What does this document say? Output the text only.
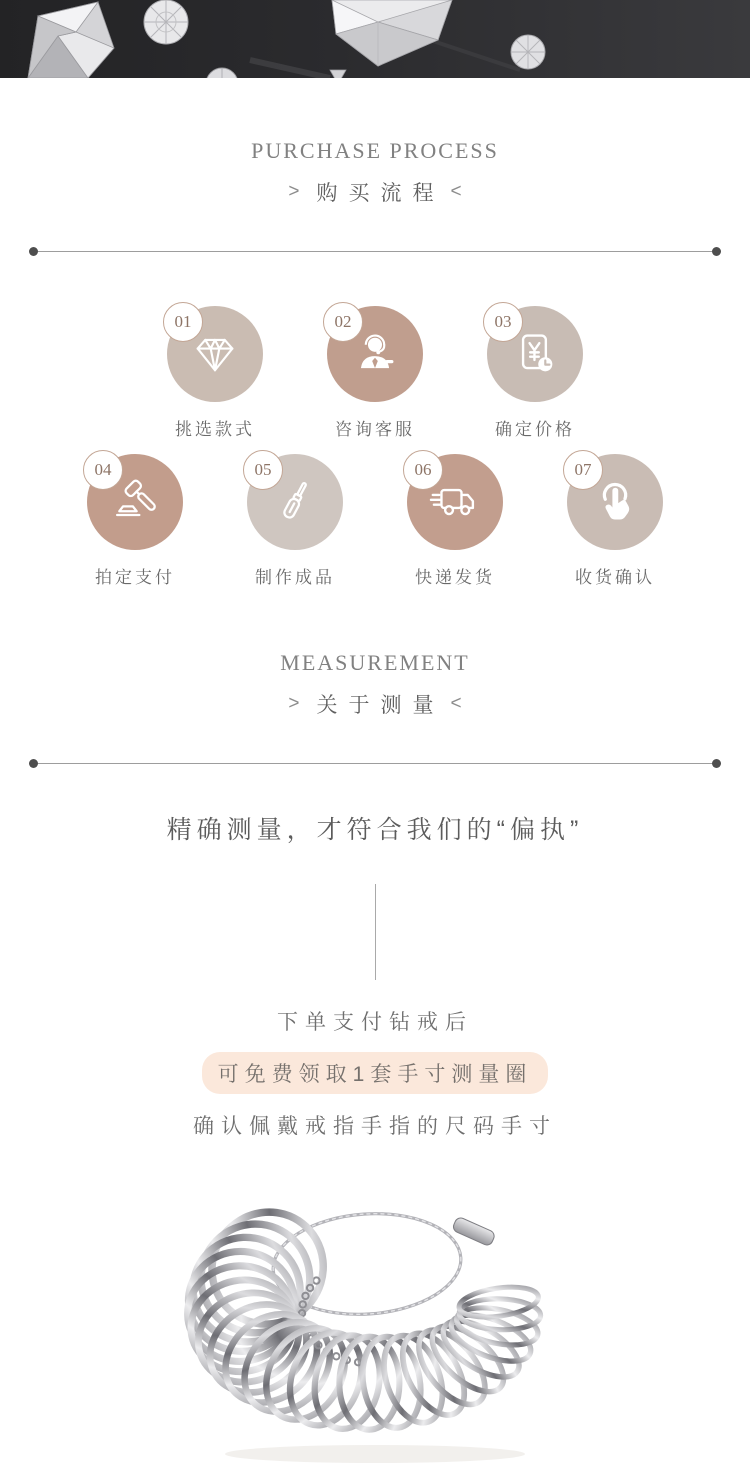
PURCHASE PROCESS
> 购买流程 <
01
挑选款式
02
咨询客服
03
确定价格
04
拍定支付
05
制作成品
06
快递发货
07
收货确认
MEASUREMENT
> 关于测量 <
精确测量，才符合我们的“偏执”
下单支付钻戒后
可免费领取1套手寸测量圈
确认佩戴戒指手指的尺码手寸
